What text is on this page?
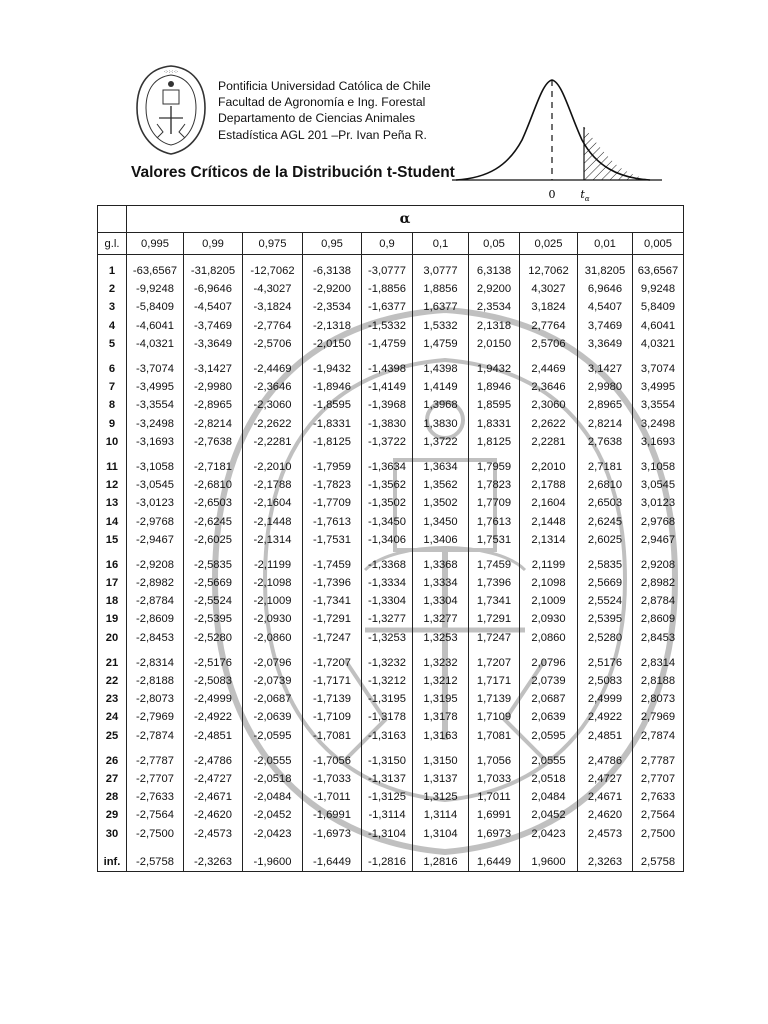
·:·:·:·:·
Pontificia Universidad Católica de Chile
Facultad de Agronomía e Ing. Forestal
Departamento de Ciencias Animales
Estadística AGL 201 –Pr. Ivan Peña R.
Valores Críticos de la Distribución t-Student
0 $t_\alpha$
	α									
g.l.	0,995	0,99	0,975	0,95	0,9	0,1	0,05	0,025	0,01	0,005

1	-63,6567	-31,8205	-12,7062	-6,3138	-3,0777	3,0777	6,3138	12,7062	31,8205	63,6567
2	-9,9248	-6,9646	-4,3027	-2,9200	-1,8856	1,8856	2,9200	4,3027	6,9646	9,9248
3	-5,8409	-4,5407	-3,1824	-2,3534	-1,6377	1,6377	2,3534	3,1824	4,5407	5,8409
4	-4,6041	-3,7469	-2,7764	-2,1318	-1,5332	1,5332	2,1318	2,7764	3,7469	4,6041
5	-4,0321	-3,3649	-2,5706	-2,0150	-1,4759	1,4759	2,0150	2,5706	3,3649	4,0321

6	-3,7074	-3,1427	-2,4469	-1,9432	-1,4398	1,4398	1,9432	2,4469	3,1427	3,7074
7	-3,4995	-2,9980	-2,3646	-1,8946	-1,4149	1,4149	1,8946	2,3646	2,9980	3,4995
8	-3,3554	-2,8965	-2,3060	-1,8595	-1,3968	1,3968	1,8595	2,3060	2,8965	3,3554
9	-3,2498	-2,8214	-2,2622	-1,8331	-1,3830	1,3830	1,8331	2,2622	2,8214	3,2498
10	-3,1693	-2,7638	-2,2281	-1,8125	-1,3722	1,3722	1,8125	2,2281	2,7638	3,1693

11	-3,1058	-2,7181	-2,2010	-1,7959	-1,3634	1,3634	1,7959	2,2010	2,7181	3,1058
12	-3,0545	-2,6810	-2,1788	-1,7823	-1,3562	1,3562	1,7823	2,1788	2,6810	3,0545
13	-3,0123	-2,6503	-2,1604	-1,7709	-1,3502	1,3502	1,7709	2,1604	2,6503	3,0123
14	-2,9768	-2,6245	-2,1448	-1,7613	-1,3450	1,3450	1,7613	2,1448	2,6245	2,9768
15	-2,9467	-2,6025	-2,1314	-1,7531	-1,3406	1,3406	1,7531	2,1314	2,6025	2,9467

16	-2,9208	-2,5835	-2,1199	-1,7459	-1,3368	1,3368	1,7459	2,1199	2,5835	2,9208
17	-2,8982	-2,5669	-2,1098	-1,7396	-1,3334	1,3334	1,7396	2,1098	2,5669	2,8982
18	-2,8784	-2,5524	-2,1009	-1,7341	-1,3304	1,3304	1,7341	2,1009	2,5524	2,8784
19	-2,8609	-2,5395	-2,0930	-1,7291	-1,3277	1,3277	1,7291	2,0930	2,5395	2,8609
20	-2,8453	-2,5280	-2,0860	-1,7247	-1,3253	1,3253	1,7247	2,0860	2,5280	2,8453

21	-2,8314	-2,5176	-2,0796	-1,7207	-1,3232	1,3232	1,7207	2,0796	2,5176	2,8314
22	-2,8188	-2,5083	-2,0739	-1,7171	-1,3212	1,3212	1,7171	2,0739	2,5083	2,8188
23	-2,8073	-2,4999	-2,0687	-1,7139	-1,3195	1,3195	1,7139	2,0687	2,4999	2,8073
24	-2,7969	-2,4922	-2,0639	-1,7109	-1,3178	1,3178	1,7109	2,0639	2,4922	2,7969
25	-2,7874	-2,4851	-2,0595	-1,7081	-1,3163	1,3163	1,7081	2,0595	2,4851	2,7874

26	-2,7787	-2,4786	-2,0555	-1,7056	-1,3150	1,3150	1,7056	2,0555	2,4786	2,7787
27	-2,7707	-2,4727	-2,0518	-1,7033	-1,3137	1,3137	1,7033	2,0518	2,4727	2,7707
28	-2,7633	-2,4671	-2,0484	-1,7011	-1,3125	1,3125	1,7011	2,0484	2,4671	2,7633
29	-2,7564	-2,4620	-2,0452	-1,6991	-1,3114	1,3114	1,6991	2,0452	2,4620	2,7564
30	-2,7500	-2,4573	-2,0423	-1,6973	-1,3104	1,3104	1,6973	2,0423	2,4573	2,7500

inf.	-2,5758	-2,3263	-1,9600	-1,6449	-1,2816	1,2816	1,6449	1,9600	2,3263	2,5758
